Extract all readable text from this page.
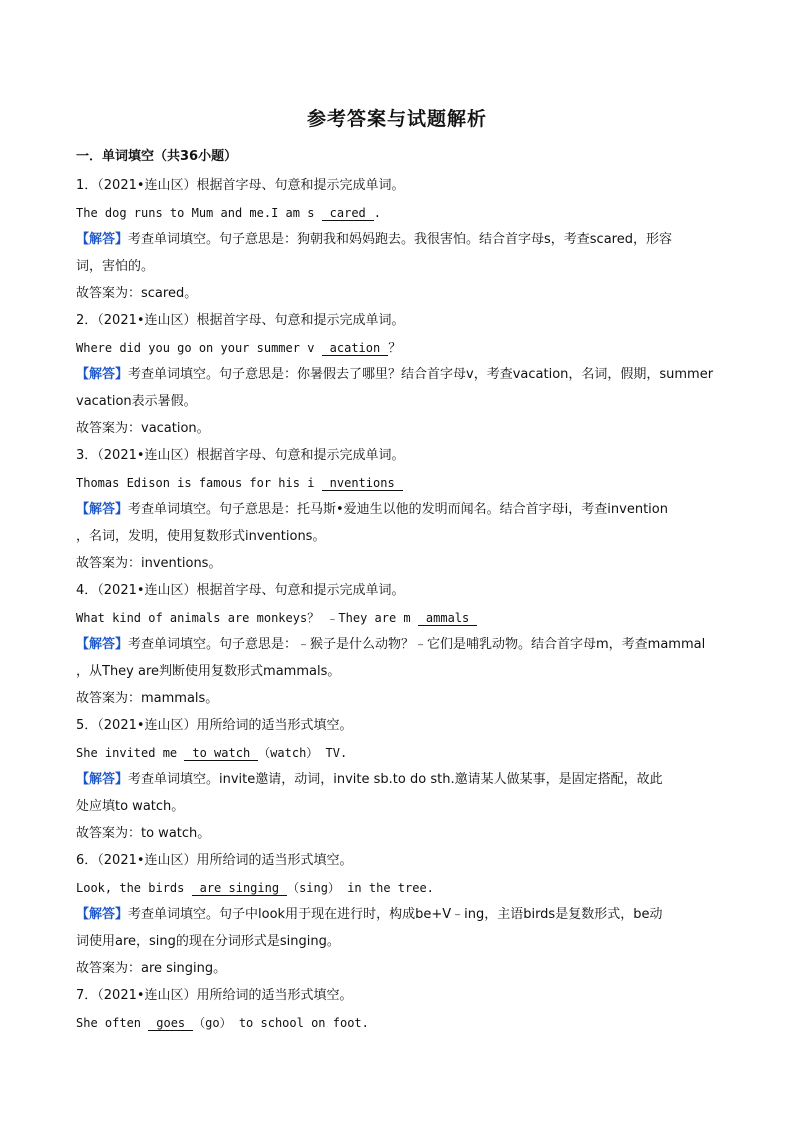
参考答案与试题解析
一．单词填空（共36小题）
1．（2021•连山区）根据首字母、句意和提示完成单词。
The dog runs to Mum and me.I am s cared .
【解答】考查单词填空。句子意思是：狗朝我和妈妈跑去。我很害怕。结合首字母s，考查scared，形容
词，害怕的。
故答案为：scared。
2．（2021•连山区）根据首字母、句意和提示完成单词。
Where did you go on your summer v acation ？
【解答】考查单词填空。句子意思是：你暑假去了哪里？结合首字母v，考查vacation，名词，假期，summer
vacation表示暑假。
故答案为：vacation。
3．（2021•连山区）根据首字母、句意和提示完成单词。
Thomas Edison is famous for his i nventions
【解答】考查单词填空。句子意思是：托马斯•爱迪生以他的发明而闻名。结合首字母i，考查invention
，名词，发明，使用复数形式inventions。
故答案为：inventions。
4．（2021•连山区）根据首字母、句意和提示完成单词。
What kind of animals are monkeys？ ﹣They are m ammals
【解答】考查单词填空。句子意思是：﹣猴子是什么动物？﹣它们是哺乳动物。结合首字母m，考查mammal
，从They are判断使用复数形式mammals。
故答案为：mammals。
5．（2021•连山区）用所给词的适当形式填空。
She invited me to watch （watch） TV.
【解答】考查单词填空。invite邀请，动词，invite sb.to do sth.邀请某人做某事，是固定搭配，故此
处应填to watch。
故答案为：to watch。
6．（2021•连山区）用所给词的适当形式填空。
Look, the birds are singing （sing） in the tree.
【解答】考查单词填空。句子中look用于现在进行时，构成be+V﹣ing，主语birds是复数形式，be动
词使用are，sing的现在分词形式是singing。
故答案为：are singing。
7．（2021•连山区）用所给词的适当形式填空。
She often goes （go） to school on foot.
